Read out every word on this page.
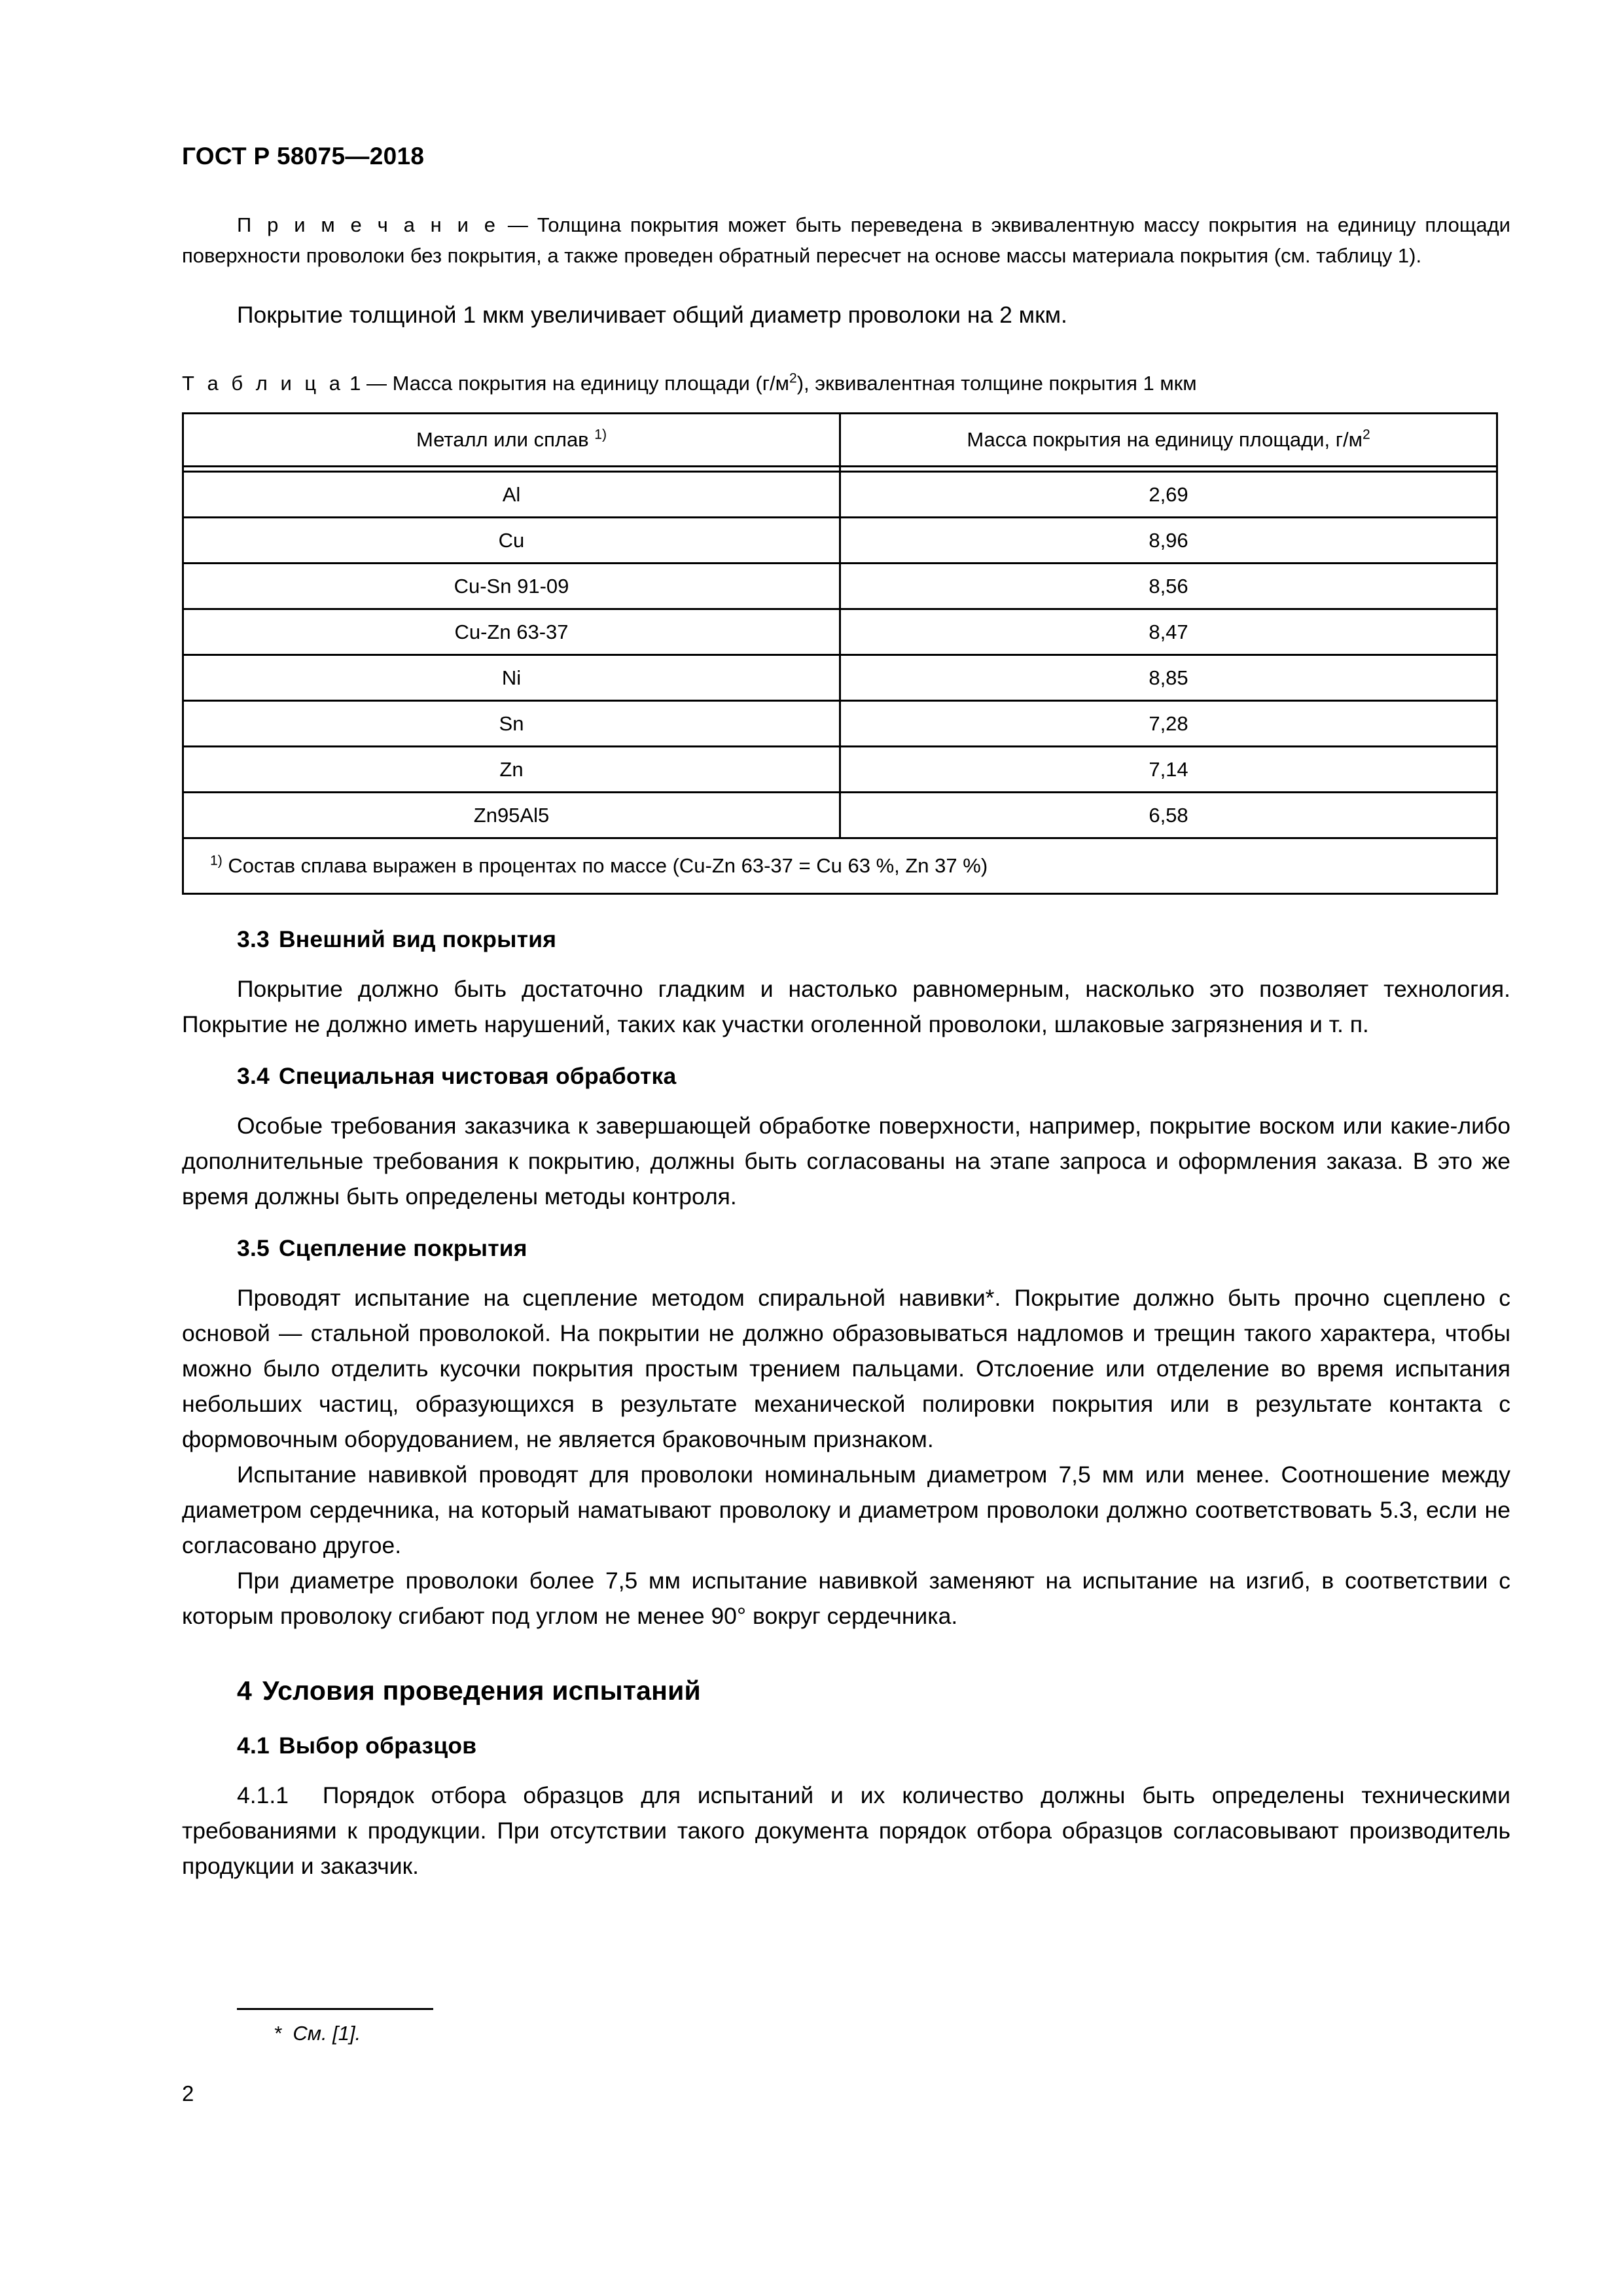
ГОСТ Р 58075—2018

П р и м е ч а н и е — Толщина покрытия может быть переведена в эквивалентную массу покрытия на единицу площади поверхности проволоки без покрытия, а также проведен обратный пересчет на основе массы материала покрытия (см. таблицу 1).

Покрытие толщиной 1 мкм увеличивает общий диаметр проволоки на 2 мкм.

Т а б л и ц а 1 — Масса покрытия на единицу площади $(г/м^2)$, эквивалентная толщине покрытия 1 мкм

Металл или сплав $^{1)}$	Масса покрытия на единицу площади, $г/м^2$

Al	2,69
Cu	8,96
Cu-Sn 91-09	8,56
Cu-Zn 63-37	8,47
Ni	8,85
Sn	7,28
Zn	7,14
Zn95Al5	6,58
$^{1)}$ Состав сплава выражен в процентах по массе (Cu-Zn 63-37 = Cu 63 %, Zn 37 %)	
3.3 Внешний вид покрытия

Покрытие должно быть достаточно гладким и настолько равномерным, насколько это позволяет технология. Покрытие не должно иметь нарушений, таких как участки оголенной проволоки, шлаковые загрязнения и т. п.

3.4 Специальная чистовая обработка

Особые требования заказчика к завершающей обработке поверхности, например, покрытие воском или какие-либо дополнительные требования к покрытию, должны быть согласованы на этапе запроса и оформления заказа. В это же время должны быть определены методы контроля.

3.5 Сцепление покрытия

Проводят испытание на сцепление методом спиральной навивки*. Покрытие должно быть прочно сцеплено с основой — стальной проволокой. На покрытии не должно образовываться надломов и трещин такого характера, чтобы можно было отделить кусочки покрытия простым трением пальцами. Отслоение или отделение во время испытания небольших частиц, образующихся в результате механической полировки покрытия или в результате контакта с формовочным оборудованием, не является браковочным признаком.

Испытание навивкой проводят для проволоки номинальным диаметром 7,5 мм или менее. Соотношение между диаметром сердечника, на который наматывают проволоку и диаметром проволоки должно соответствовать 5.3, если не согласовано другое.

При диаметре проволоки более 7,5 мм испытание навивкой заменяют на испытание на изгиб, в соответствии с которым проволоку сгибают под углом не менее 90° вокруг сердечника.

4 Условия проведения испытаний
4.1 Выбор образцов

4.1.1 Порядок отбора образцов для испытаний и их количество должны быть определены техническими требованиями к продукции. При отсутствии такого документа порядок отбора образцов согласовывают производитель продукции и заказчик.

* См. [1].

2
